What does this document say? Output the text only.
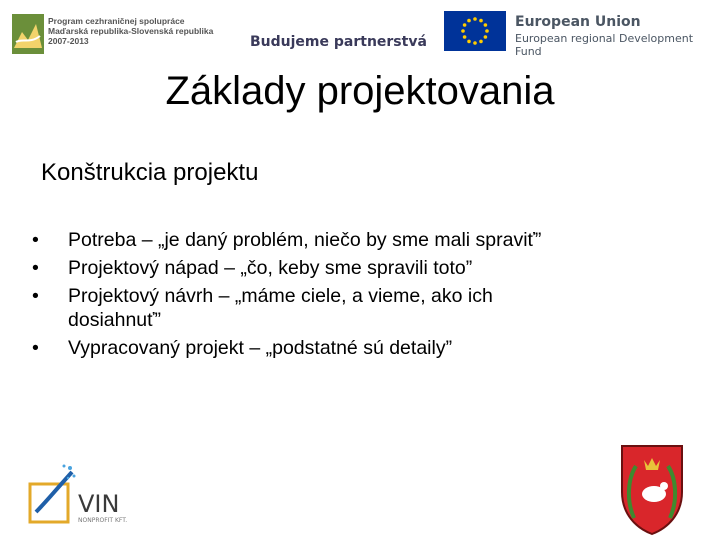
Program cezhraničnej spolupráce
Maďarská republika-Slovenská republika
2007-2013	Budujeme partnerstvá
European Union
European regional Development Fund
Základy projektovania
Konštrukcia projektu
• Potreba – „je daný problém, niečo by sme mali spraviť”
• Projektový nápad – „čo, keby sme spravili toto”
• Projektový návrh – „máme ciele, a vieme, ako ich
dosiahnuť”
• Vypracovaný projekt – „podstatné sú detaily”
VIN
NONPROFIT KFT.
